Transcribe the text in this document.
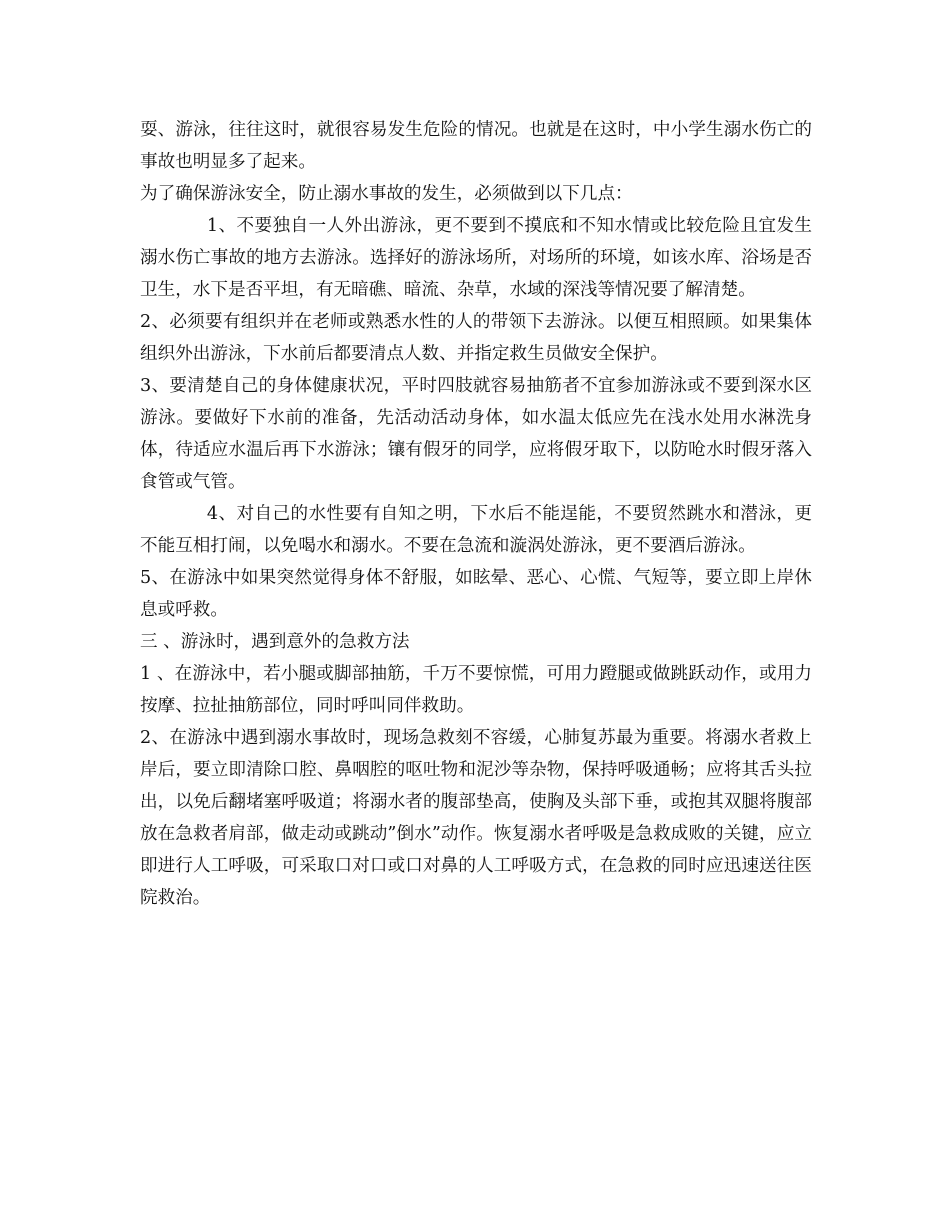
耍、游泳，往往这时，就很容易发生危险的情况。也就是在这时，中小学生溺水伤亡的事故也明显多了起来。

为了确保游泳安全，防止溺水事故的发生，必须做到以下几点：

1、不要独自一人外出游泳，更不要到不摸底和不知水情或比较危险且宜发生溺水伤亡事故的地方去游泳。选择好的游泳场所，对场所的环境，如该水库、浴场是否卫生，水下是否平坦，有无暗礁、暗流、杂草，水域的深浅等情况要了解清楚。

2、必须要有组织并在老师或熟悉水性的人的带领下去游泳。以便互相照顾。如果集体组织外出游泳，下水前后都要清点人数、并指定救生员做安全保护。

3、要清楚自己的身体健康状况，平时四肢就容易抽筋者不宜参加游泳或不要到深水区游泳。要做好下水前的准备，先活动活动身体，如水温太低应先在浅水处用水淋洗身体，待适应水温后再下水游泳；镶有假牙的同学，应将假牙取下，以防呛水时假牙落入食管或气管。

4、对自己的水性要有自知之明，下水后不能逞能，不要贸然跳水和潜泳，更不能互相打闹，以免喝水和溺水。不要在急流和漩涡处游泳，更不要酒后游泳。

5、在游泳中如果突然觉得身体不舒服，如眩晕、恶心、心慌、气短等，要立即上岸休息或呼救。

三 、游泳时，遇到意外的急救方法

1 、在游泳中，若小腿或脚部抽筋，千万不要惊慌，可用力蹬腿或做跳跃动作，或用力按摩、拉扯抽筋部位，同时呼叫同伴救助。

2、在游泳中遇到溺水事故时，现场急救刻不容缓，心肺复苏最为重要。将溺水者救上岸后，要立即清除口腔、鼻咽腔的呕吐物和泥沙等杂物，保持呼吸通畅；应将其舌头拉出，以免后翻堵塞呼吸道；将溺水者的腹部垫高，使胸及头部下垂，或抱其双腿将腹部放在急救者肩部，做走动或跳动”倒水”动作。恢复溺水者呼吸是急救成败的关键，应立即进行人工呼吸，可采取口对口或口对鼻的人工呼吸方式，在急救的同时应迅速送往医院救治。
